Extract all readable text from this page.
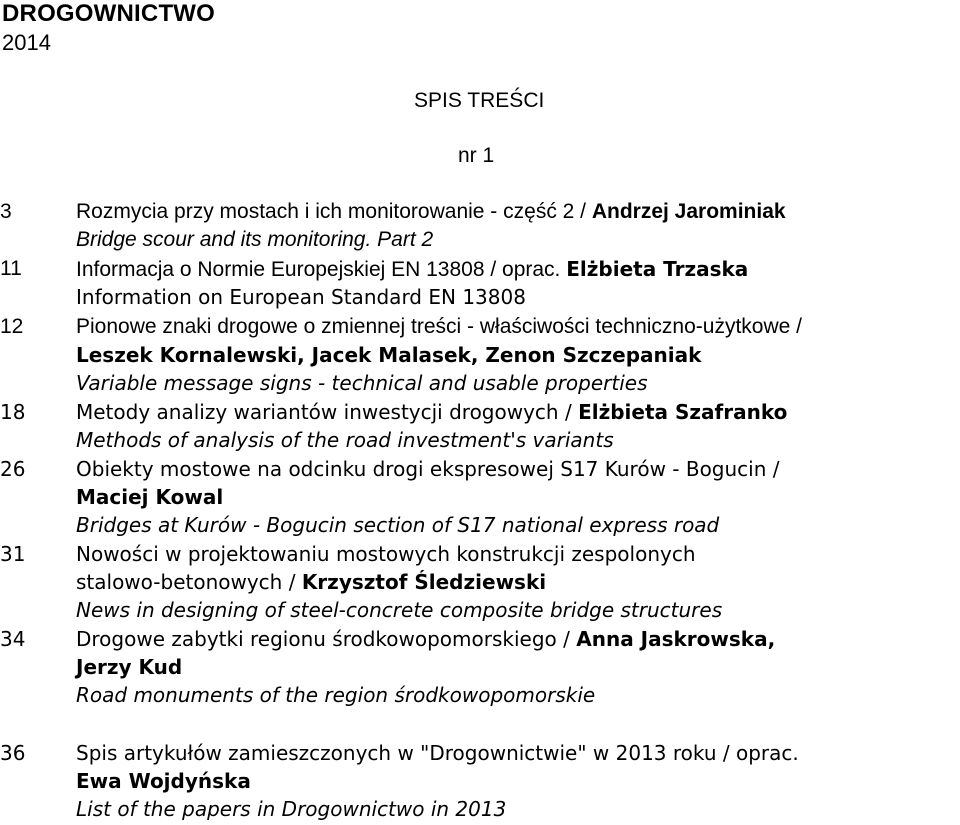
DROGOWNICTWO
2014
SPIS TREŚCI
nr 1
3	Rozmycia przy mostach i ich monitorowanie - część 2 / Andrzej Jarominiak
Bridge scour and its monitoring. Part 2
11	Informacja o Normie Europejskiej EN 13808 / oprac. Elżbieta Trzaska
Information on European Standard EN 13808
12	Pionowe znaki drogowe o zmiennej treści - właściwości techniczno-użytkowe /
Leszek Kornalewski, Jacek Malasek, Zenon Szczepaniak
Variable message signs - technical and usable properties
18	Metody analizy wariantów inwestycji drogowych / Elżbieta Szafranko
Methods of analysis of the road investment's variants
26	Obiekty mostowe na odcinku drogi ekspresowej S17 Kurów - Bogucin /
Maciej Kowal
Bridges at Kurów - Bogucin section of S17 national express road
31	Nowości w projektowaniu mostowych konstrukcji zespolonych
stalowo-betonowych / Krzysztof Śledziewski
News in designing of steel-concrete composite bridge structures
34	Drogowe zabytki regionu środkowopomorskiego / Anna Jaskrowska,
Jerzy Kud
Road monuments of the region środkowopomorskie
36	Spis artykułów zamieszczonych w "Drogownictwie" w 2013 roku / oprac.
Ewa Wojdyńska
List of the papers in Drogownictwo in 2013
